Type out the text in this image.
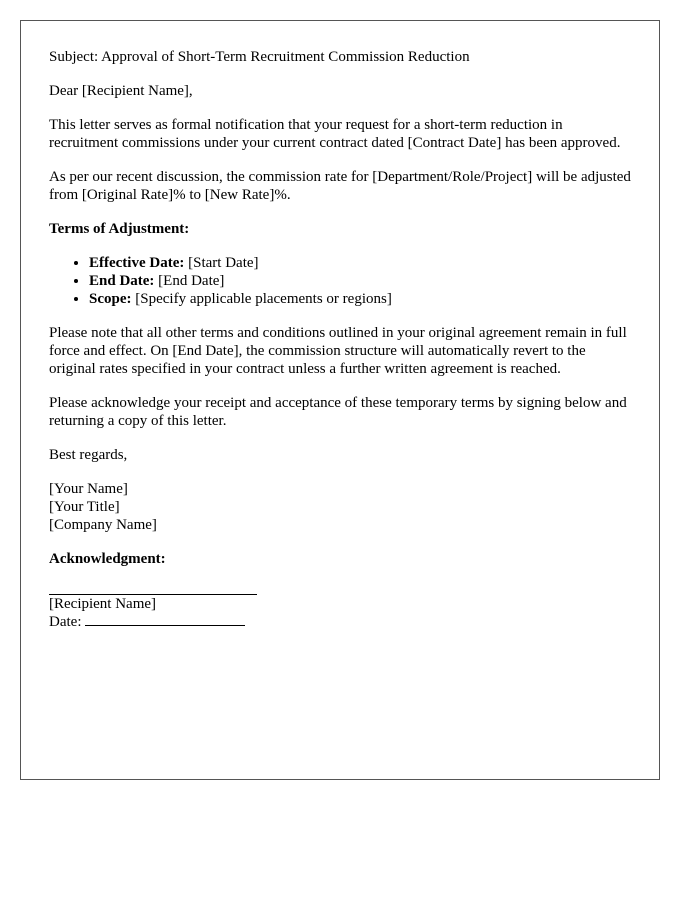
Subject: Approval of Short-Term Recruitment Commission Reduction

Dear [Recipient Name],

This letter serves as formal notification that your request for a short-term reduction in recruitment commissions under your current contract dated [Contract Date] has been approved.

As per our recent discussion, the commission rate for [Department/Role/Project] will be adjusted from [Original Rate]% to [New Rate]%.

Terms of Adjustment:

• Effective Date: [Start Date]
• End Date: [End Date]
• Scope: [Specify applicable placements or regions]

Please note that all other terms and conditions outlined in your original agreement remain in full force and effect. On [End Date], the commission structure will automatically revert to the original rates specified in your contract unless a further written agreement is reached.

Please acknowledge your receipt and acceptance of these temporary terms by signing below and returning a copy of this letter.

Best regards,

[Your Name]

[Your Title]

[Company Name]

Acknowledgment:

[Recipient Name]

Date:
